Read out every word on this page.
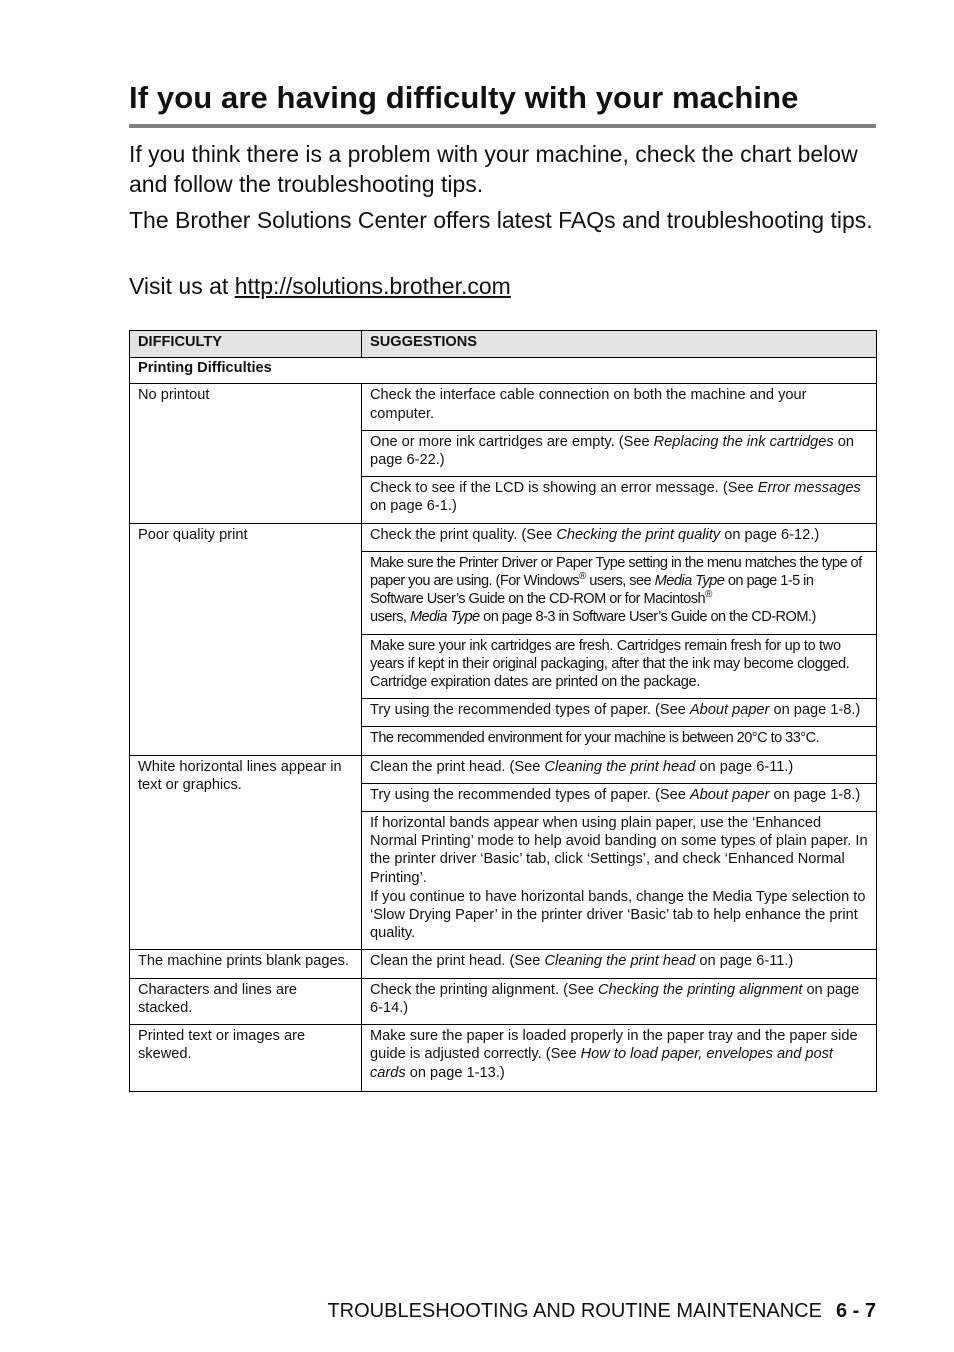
If you are having difficulty with your machine

If you think there is a problem with your machine, check the chart below and follow the troubleshooting tips.

The Brother Solutions Center offers latest FAQs and troubleshooting tips.

Visit us at http://solutions.brother.com

DIFFICULTY	SUGGESTIONS
Printing Difficulties	
No printout	Check the interface cable connection on both the machine and your computer.
	One or more ink cartridges are empty. (See Replacing the ink cartridges on page 6-22.)
	Check to see if the LCD is showing an error message. (See Error messages on page 6-1.)
Poor quality print	Check the print quality. (See Checking the print quality on page 6-12.)
	Make sure the Printer Driver or Paper Type setting in the menu matches the type of paper you are using. (For Windows® users, see Media Type on page 1-5 in Software User’s Guide on the CD-ROM or for Macintosh®
users, Media Type on page 8-3 in Software User’s Guide on the CD-ROM.)
	Make sure your ink cartridges are fresh. Cartridges remain fresh for up to two years if kept in their original packaging, after that the ink may become clogged. Cartridge expiration dates are printed on the package.
	Try using the recommended types of paper. (See About paper on page 1-8.)
	The recommended environment for your machine is between 20°C to 33°C.
White horizontal lines appear in text or graphics.	Clean the print head. (See Cleaning the print head on page 6-11.)
	Try using the recommended types of paper. (See About paper on page 1-8.)

	If horizontal bands appear when using plain paper, use the ‘Enhanced Normal Printing’ mode to help avoid banding on some types of plain paper. In the printer driver ‘Basic’ tab, click ‘Settings’, and check ‘Enhanced Normal Printing’.
If you continue to have horizontal bands, change the Media Type selection to ‘Slow Drying Paper’ in the printer driver ‘Basic’ tab to help enhance the print quality.

The machine prints blank pages.	Clean the print head. (See Cleaning the print head on page 6-11.)
Characters and lines are stacked.	Check the printing alignment. (See Checking the printing alignment on page 6-14.)
Printed text or images are skewed.	Make sure the paper is loaded properly in the paper tray and the paper side guide is adjusted correctly. (See How to load paper, envelopes and post cards on page 1-13.)
TROUBLESHOOTING AND ROUTINE MAINTENANCE 6 - 7
